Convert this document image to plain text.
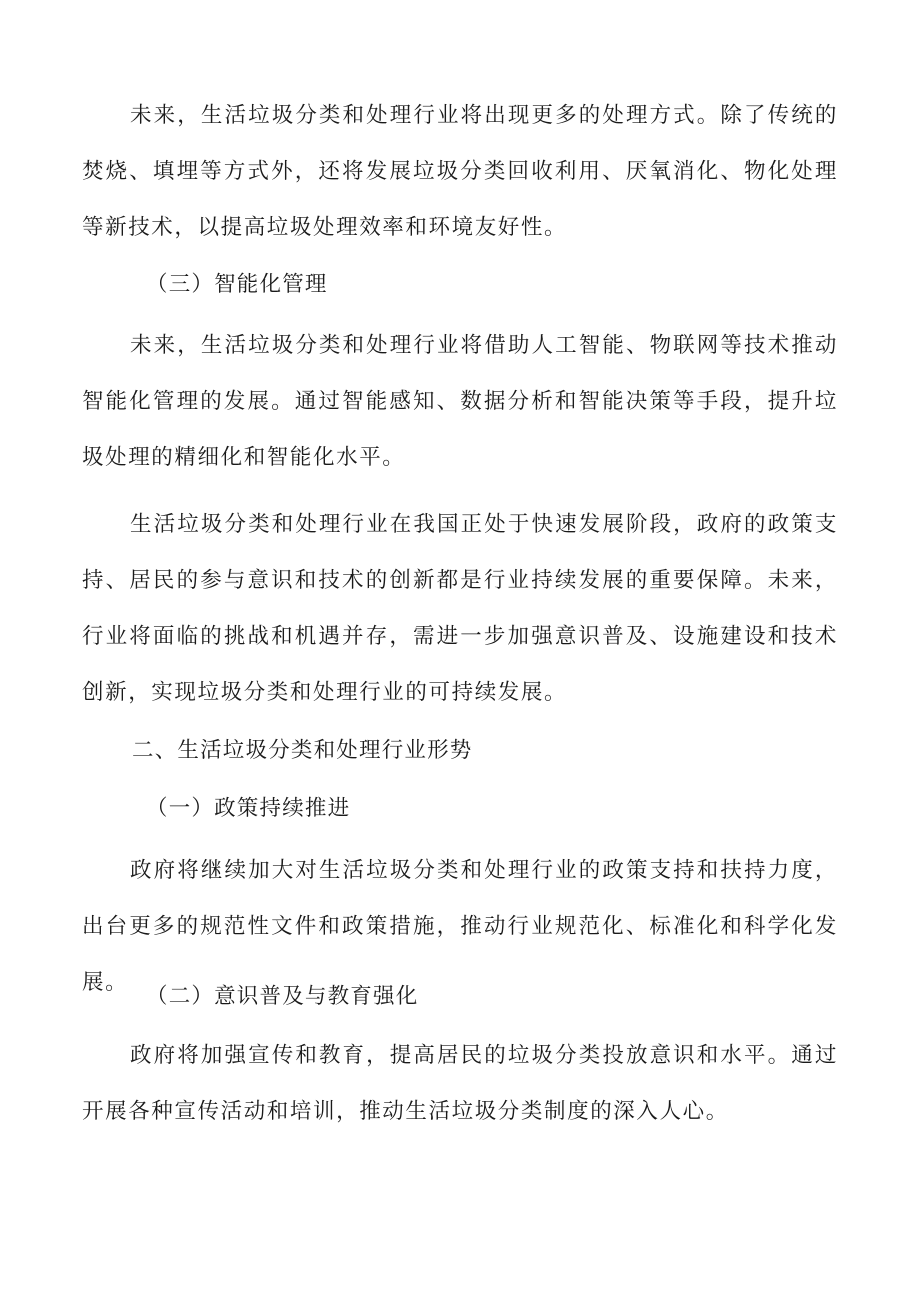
未来，生活垃圾分类和处理行业将出现更多的处理方式。除了传统的焚烧、填埋等方式外，还将发展垃圾分类回收利用、厌氧消化、物化处理等新技术，以提高垃圾处理效率和环境友好性。

（三）智能化管理

未来，生活垃圾分类和处理行业将借助人工智能、物联网等技术推动智能化管理的发展。通过智能感知、数据分析和智能决策等手段，提升垃圾处理的精细化和智能化水平。

生活垃圾分类和处理行业在我国正处于快速发展阶段，政府的政策支持、居民的参与意识和技术的创新都是行业持续发展的重要保障。未来，行业将面临的挑战和机遇并存，需进一步加强意识普及、设施建设和技术创新，实现垃圾分类和处理行业的可持续发展。

二、生活垃圾分类和处理行业形势

（一）政策持续推进

政府将继续加大对生活垃圾分类和处理行业的政策支持和扶持力度，出台更多的规范性文件和政策措施，推动行业规范化、标准化和科学化发展。

（二）意识普及与教育强化

政府将加强宣传和教育，提高居民的垃圾分类投放意识和水平。通过开展各种宣传活动和培训，推动生活垃圾分类制度的深入人心。
